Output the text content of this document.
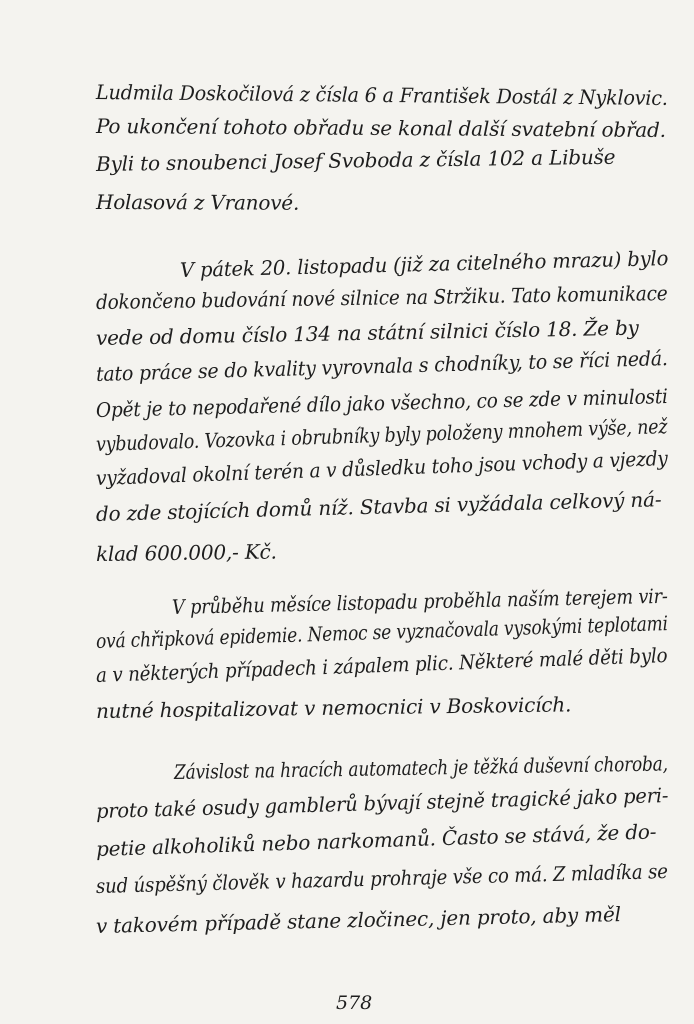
Ludmila Doskočilová z čísla 6 a František Dostál z Nyklovic.
Po ukončení tohoto obřadu se konal další svatební obřad.
Byli to snoubenci Josef Svoboda z čísla 102 a Libuše
Holasová z Vranové.
V pátek 20. listopadu (již za citelného mrazu) bylo
dokončeno budování nové silnice na Stržiku. Tato komunikace
vede od domu číslo 134 na státní silnici číslo 18. Že by
tato práce se do kvality vyrovnala s chodníky, to se říci nedá.
Opět je to nepodařené dílo jako všechno, co se zde v minulosti
vybudovalo. Vozovka i obrubníky byly položeny mnohem výše, než
vyžadoval okolní terén a v důsledku toho jsou vchody a vjezdy
do zde stojících domů níž. Stavba si vyžádala celkový ná-
klad 600.000,- Kč.
V průběhu měsíce listopadu proběhla naším terejem vir-
ová chřipková epidemie. Nemoc se vyznačovala vysokými teplotami
a v některých případech i zápalem plic. Některé malé děti bylo
nutné hospitalizovat v nemocnici v Boskovicích.
Závislost na hracích automatech je těžká duševní choroba,
proto také osudy gamblerů bývají stejně tragické jako peri-
petie alkoholiků nebo narkomanů. Často se stává, že do-
sud úspěšný člověk v hazardu prohraje vše co má. Z mladíka se
v takovém případě stane zločinec, jen proto, aby měl
578
